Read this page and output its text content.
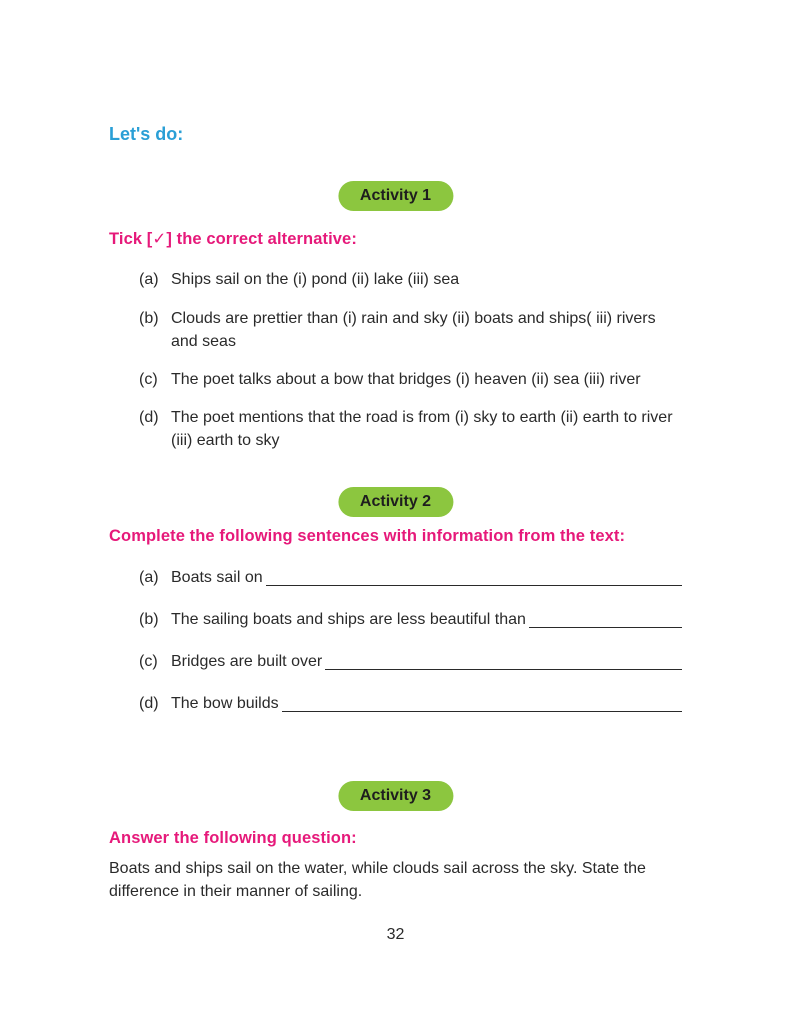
Let's do:
Activity 1
Tick [✓] the correct alternative:
(a) Ships sail on the (i) pond (ii) lake (iii) sea
(b) Clouds are prettier than (i) rain and sky (ii) boats and ships( iii) rivers and seas
(c) The poet talks about a bow that bridges (i) heaven (ii) sea (iii) river
(d) The poet mentions that the road is from (i) sky to earth (ii) earth to river (iii) earth to sky
Activity 2
Complete the following sentences with information from the text:
(a) Boats sail on
(b) The sailing boats and ships are less beautiful than
(c) Bridges are built over
(d) The bow builds
Activity 3
Answer the following question:
Boats and ships sail on the water, while clouds sail across the sky. State the difference in their manner of sailing.
32
